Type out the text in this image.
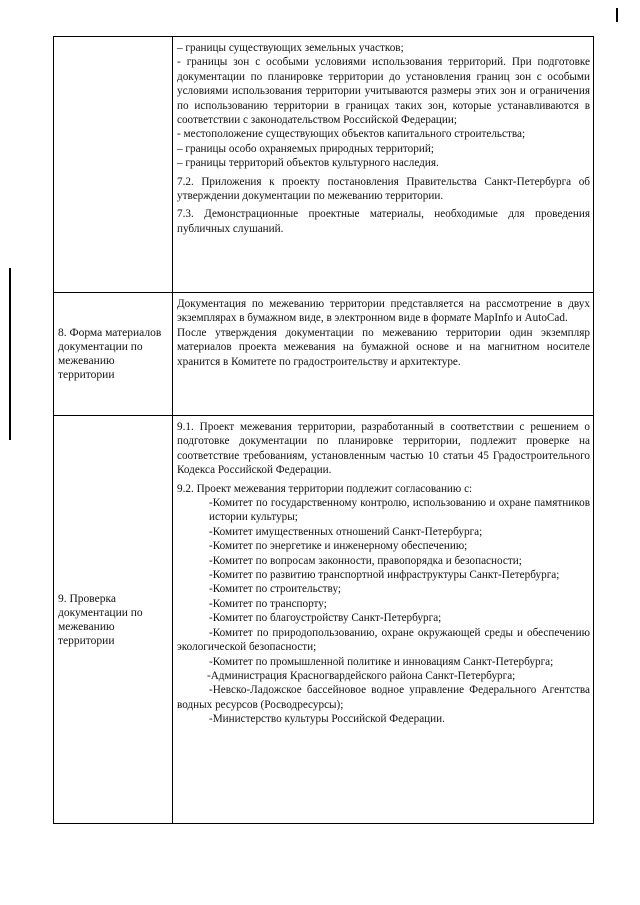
– границы существующих земельных участков;

- границы зон с особыми условиями использования территорий. При подготовке документации по планировке территории до установления границ зон с особыми условиями использования территории учитываются размеры этих зон и ограничения по использованию территории в границах таких зон, которые устанавливаются в соответствии с законодательством Российской Федерации;

- местоположение существующих объектов капитального строительства;

– границы особо охраняемых природных территорий;

– границы территорий объектов культурного наследия.

7.2. Приложения к проекту постановления Правительства Санкт-Петербурга об утверждении документации по межеванию территории.

7.3. Демонстрационные проектные материалы, необходимые для проведения публичных слушаний.

8. Форма материалов документации по межеванию территории

Документация по межеванию территории представляется на рассмотрение в двух экземплярах в бумажном виде, в электронном виде в формате MapInfo и AutoCad.

После утверждения документации по межеванию территории один экземпляр материалов проекта межевания на бумажной основе и на магнитном носителе хранится в Комитете по градостроительству и архитектуре.

9. Проверка документации по межеванию территории

9.1. Проект межевания территории, разработанный в соответствии с решением о подготовке документации по планировке территории, подлежит проверке на соответствие требованиям, установленным частью 10 статьи 45 Градостроительного Кодекса Российской Федерации.

9.2. Проект межевания территории подлежит согласованию с:

-Комитет по государственному контролю, использованию и охране памятников истории культуры;

-Комитет имущественных отношений Санкт-Петербурга;

-Комитет по энергетике и инженерному обеспечению;

-Комитет по вопросам законности, правопорядка и безопасности;

-Комитет по развитию транспортной инфраструктуры Санкт-Петербурга;

-Комитет по строительству;

-Комитет по транспорту;

-Комитет по благоустройству Санкт-Петербурга;

-Комитет по природопользованию, охране окружающей среды и обеспечению экологической безопасности;

-Комитет по промышленной политике и инновациям Санкт-Петербурга;

-Администрация Красногвардейского района Санкт-Петербурга;

-Невско-Ладожское бассейновое водное управление Федерального Агентства водных ресурсов (Росводресурсы);

-Министерство культуры Российской Федерации.
